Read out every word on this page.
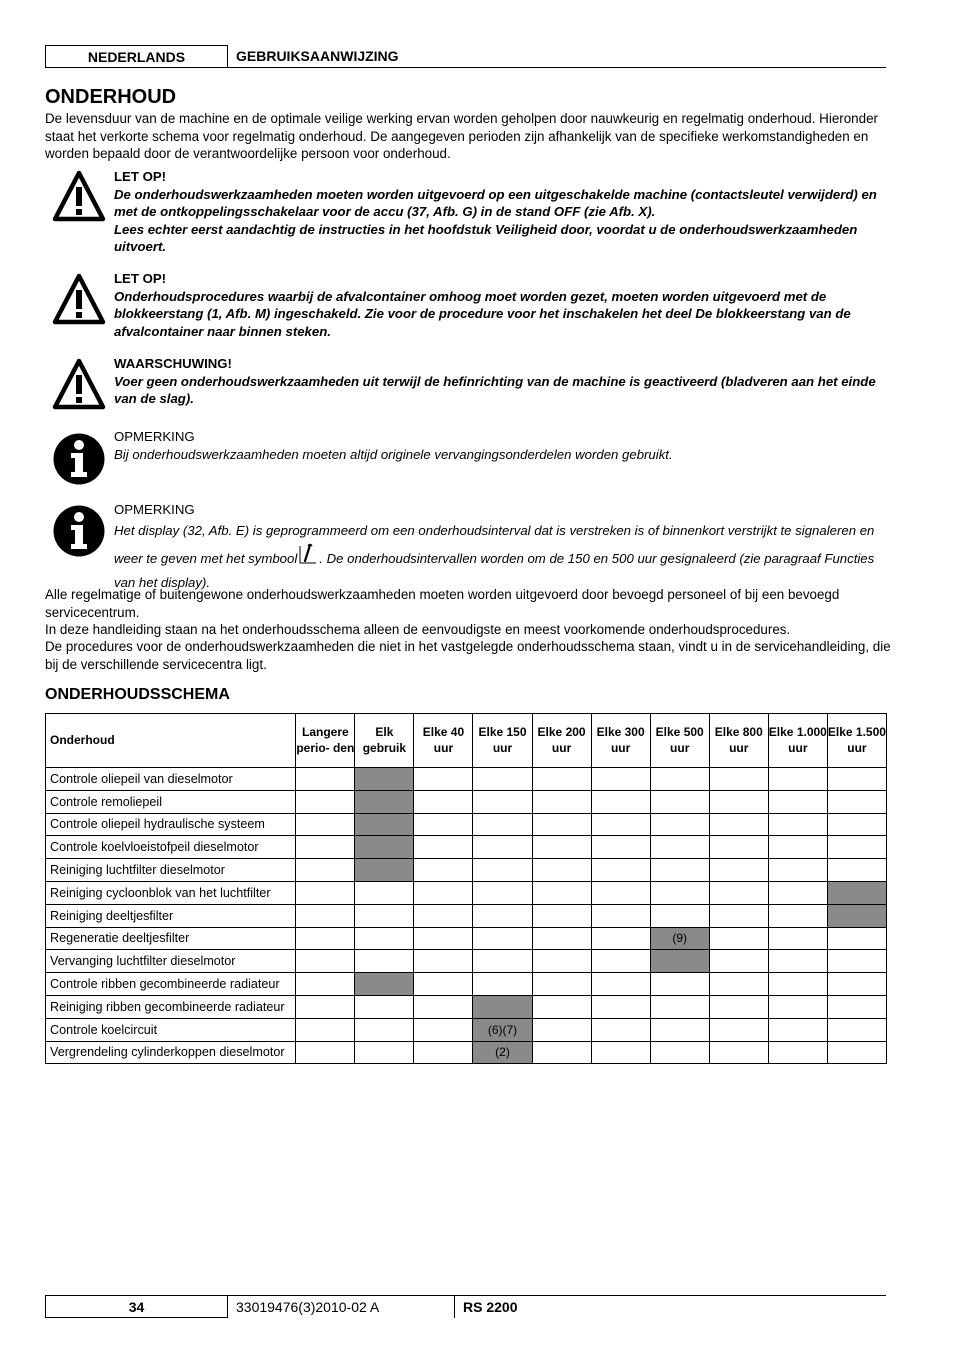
NEDERLANDS	GEBRUIKSAANWIJZING
ONDERHOUD
De levensduur van de machine en de optimale veilige werking ervan worden geholpen door nauwkeurig en regelmatig onderhoud. Hieronder staat het verkorte schema voor regelmatig onderhoud. De aangegeven perioden zijn afhankelijk van de specifieke werkomstandigheden en worden bepaald door de verantwoordelijke persoon voor onderhoud.
LET OP!
De onderhoudswerkzaamheden moeten worden uitgevoerd op een uitgeschakelde machine (contactsleutel verwijderd) en met de ontkoppelingsschakelaar voor de accu (37, Afb. G) in de stand OFF (zie Afb. X).
Lees echter eerst aandachtig de instructies in het hoofdstuk Veiligheid door, voordat u de onderhoudswerkzaamheden uitvoert.
LET OP!
Onderhoudsprocedures waarbij de afvalcontainer omhoog moet worden gezet, moeten worden uitgevoerd met de blokkeerstang (1, Afb. M) ingeschakeld. Zie voor de procedure voor het inschakelen het deel De blokkeerstang van de afvalcontainer naar binnen steken.
WAARSCHUWING!
Voer geen onderhoudswerkzaamheden uit terwijl de hefinrichting van de machine is geactiveerd (bladveren aan het einde van de slag).
OPMERKING
Bij onderhoudswerkzaamheden moeten altijd originele vervangingsonderdelen worden gebruikt.
OPMERKING
Het display (32, Afb. E) is geprogrammeerd om een onderhoudsinterval dat is verstreken is of binnenkort verstrijkt te signaleren en weer te geven met het symbool . De onderhoudsintervallen worden om de 150 en 500 uur gesignaleerd (zie paragraaf Functies van het display).
Alle regelmatige of buitengewone onderhoudswerkzaamheden moeten worden uitgevoerd door bevoegd personeel of bij een bevoegd servicecentrum.
In deze handleiding staan na het onderhoudsschema alleen de eenvoudigste en meest voorkomende onderhoudsprocedures.
De procedures voor de onderhoudswerkzaamheden die niet in het vastgelegde onderhoudsschema staan, vindt u in de servicehandleiding, die bij de verschillende servicecentra ligt.
ONDERHOUDSSCHEMA
Onderhoud	Langere perio- den	Elk gebruik	Elke 40 uur	Elke 150 uur	Elke 200 uur	Elke 300 uur	Elke 500 uur	Elke 800 uur	Elke 1.000 uur	Elke 1.500 uur
Controle oliepeil van dieselmotor										
Controle remoliepeil										
Controle oliepeil hydraulische systeem										
Controle koelvloeistofpeil dieselmotor										
Reiniging luchtfilter dieselmotor										
Reiniging cycloonblok van het luchtfilter										
Reiniging deeltjesfilter										
Regeneratie deeltjesfilter							(9)			
Vervanging luchtfilter dieselmotor										
Controle ribben gecombineerde radiateur										
Reiniging ribben gecombineerde radiateur										
Controle koelcircuit				(6)(7)						
Vergrendeling cylinderkoppen dieselmotor				(2)						
34	33019476(3)2010-02 A	RS 2200
